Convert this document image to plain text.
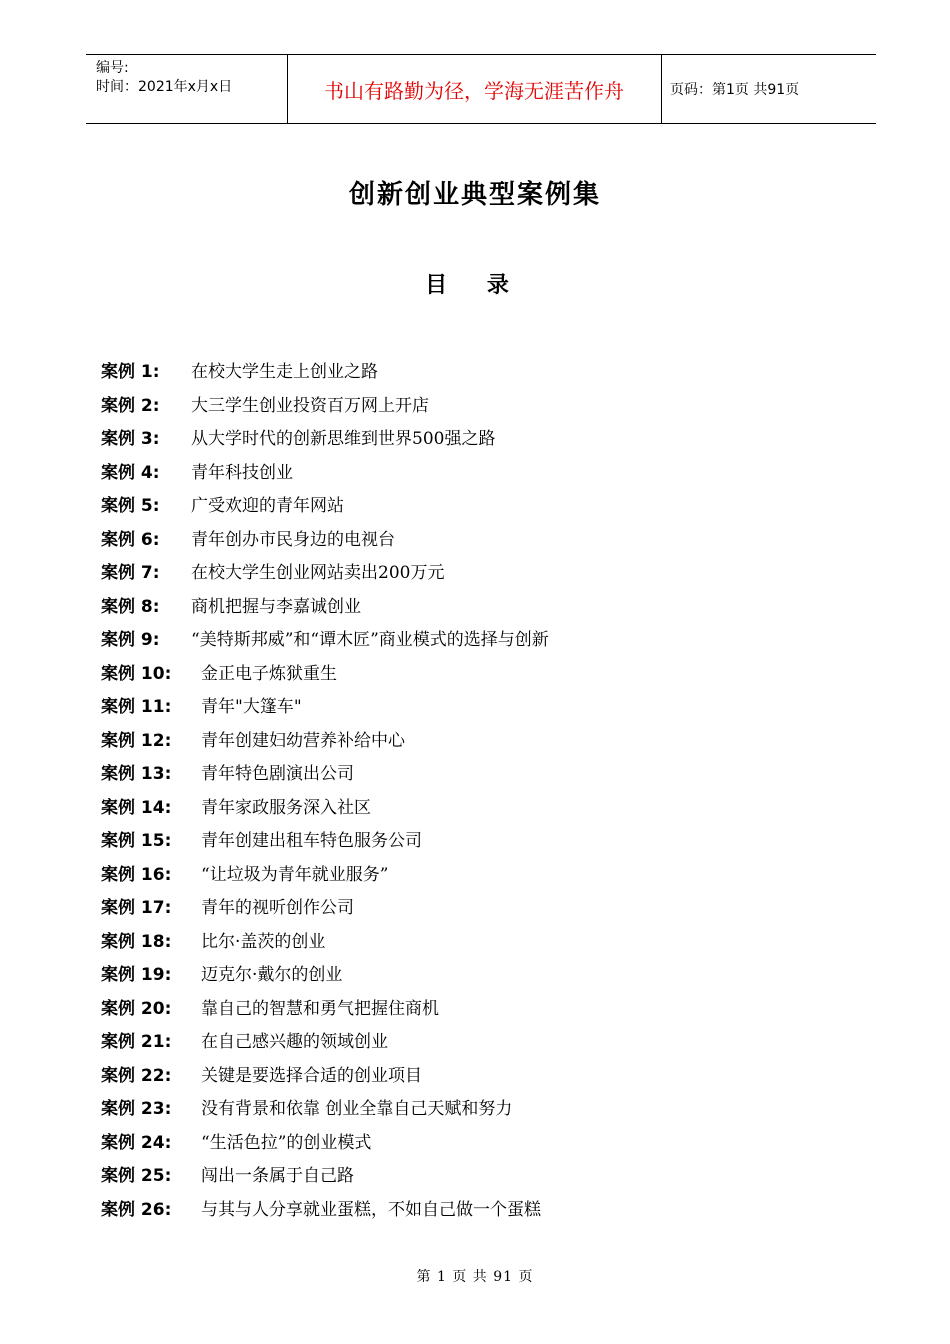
编号:
时间：2021年x月x日	书山有路勤为径，学海无涯苦作舟	页码：第1页 共91页
创新创业典型案例集
目 录
案例 1:	在校大学生走上创业之路
案例 2:	大三学生创业投资百万网上开店
案例 3:	从大学时代的创新思维到世界500强之路
案例 4:	青年科技创业
案例 5:	广受欢迎的青年网站
案例 6:	青年创办市民身边的电视台
案例 7:	在校大学生创业网站卖出200万元
案例 8:	商机把握与李嘉诚创业
案例 9:	“美特斯邦威”和“谭木匠”商业模式的选择与创新
案例 10:	金正电子炼狱重生
案例 11:	青年"大篷车"
案例 12:	青年创建妇幼营养补给中心
案例 13:	青年特色剧演出公司
案例 14:	青年家政服务深入社区
案例 15:	青年创建出租车特色服务公司
案例 16:	“让垃圾为青年就业服务”
案例 17:	青年的视听创作公司
案例 18:	比尔·盖茨的创业
案例 19:	迈克尔·戴尔的创业
案例 20:	靠自己的智慧和勇气把握住商机
案例 21:	在自己感兴趣的领域创业
案例 22:	关键是要选择合适的创业项目
案例 23:	没有背景和依靠 创业全靠自己天赋和努力
案例 24:	“生活色拉”的创业模式
案例 25:	闯出一条属于自己路
案例 26:	与其与人分享就业蛋糕，不如自己做一个蛋糕
第 1 页 共 91 页
